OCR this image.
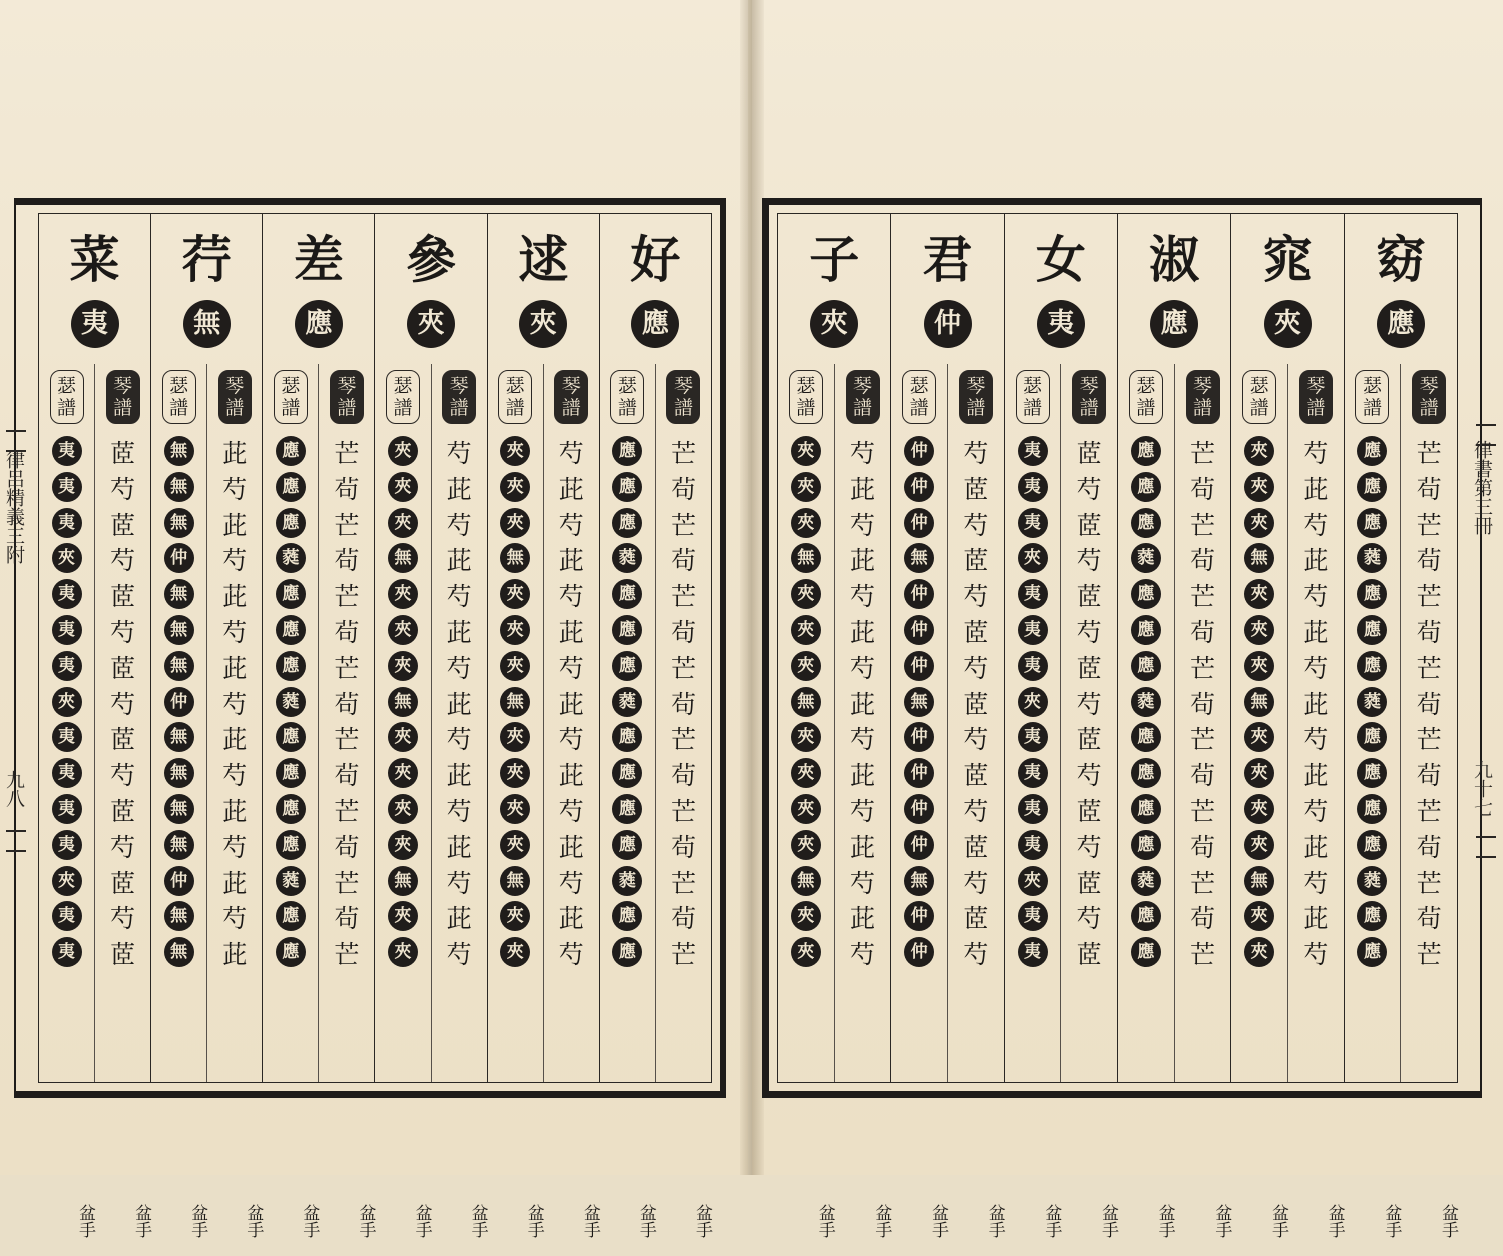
好
應
琴譜
芒
茍
芒
茍
芒
茍
芒
茍
芒
茍
芒
茍
芒
茍
芒
盆手
瑟譜
應
應
應
蕤
應
應
應
蕤
應
應
應
應
蕤
應
應
盆手
逑
夾
琴譜
芍
茈
芍
茈
芍
茈
芍
茈
芍
茈
芍
茈
芍
茈
芍
盆手
瑟譜
夾
夾
夾
無
夾
夾
夾
無
夾
夾
夾
夾
無
夾
夾
盆手
參
夾
琴譜
芍
茈
芍
茈
芍
茈
芍
茈
芍
茈
芍
茈
芍
茈
芍
盆手
瑟譜
夾
夾
夾
無
夾
夾
夾
無
夾
夾
夾
夾
無
夾
夾
盆手
差
應
琴譜
芒
茍
芒
茍
芒
茍
芒
茍
芒
茍
芒
茍
芒
茍
芒
盆手
瑟譜
應
應
應
蕤
應
應
應
蕤
應
應
應
應
蕤
應
應
盆手
荇
無
琴譜
茈
芍
茈
芍
茈
芍
茈
芍
茈
芍
茈
芍
茈
芍
茈
盆手
瑟譜
無
無
無
仲
無
無
無
仲
無
無
無
無
仲
無
無
盆手
菜
夷
琴譜
茝
芍
茝
芍
茝
芍
茝
芍
茝
芍
茝
芍
茝
芍
茝
盆手
瑟譜
夷
夷
夷
夾
夷
夷
夷
夾
夷
夷
夷
夷
夾
夷
夷
盆手
窈
應
琴譜
芒
茍
芒
茍
芒
茍
芒
茍
芒
茍
芒
茍
芒
茍
芒
盆手
瑟譜
應
應
應
蕤
應
應
應
蕤
應
應
應
應
蕤
應
應
盆手
窕
夾
琴譜
芍
茈
芍
茈
芍
茈
芍
茈
芍
茈
芍
茈
芍
茈
芍
盆手
瑟譜
夾
夾
夾
無
夾
夾
夾
無
夾
夾
夾
夾
無
夾
夾
盆手
淑
應
琴譜
芒
茍
芒
茍
芒
茍
芒
茍
芒
茍
芒
茍
芒
茍
芒
盆手
瑟譜
應
應
應
蕤
應
應
應
蕤
應
應
應
應
蕤
應
應
盆手
女
夷
琴譜
茝
芍
茝
芍
茝
芍
茝
芍
茝
芍
茝
芍
茝
芍
茝
盆手
瑟譜
夷
夷
夷
夾
夷
夷
夷
夾
夷
夷
夷
夷
夾
夷
夷
盆手
君
仲
琴譜
芍
茝
芍
茝
芍
茝
芍
茝
芍
茝
芍
茝
芍
茝
芍
盆手
瑟譜
仲
仲
仲
無
仲
仲
仲
無
仲
仲
仲
仲
無
仲
仲
盆手
子
夾
琴譜
芍
茈
芍
茈
芍
茈
芍
茈
芍
茈
芍
茈
芍
茈
芍
盆手
瑟譜
夾
夾
夾
無
夾
夾
夾
無
夾
夾
夾
夾
無
夾
夾
盆手
律呂精義三附
九八
律書第三冊
九十七
